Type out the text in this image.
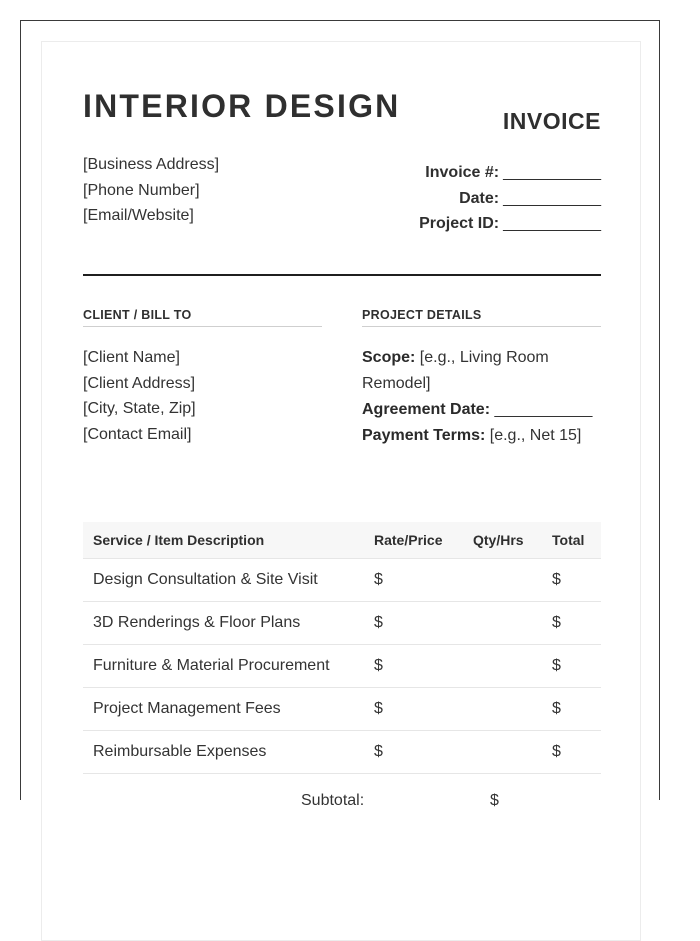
INTERIOR DESIGN	INVOICE
[Business Address]
[Phone Number]
[Email/Website]
Invoice #: ___________
Date: ___________
Project ID: ___________
CLIENT / BILL TO	PROJECT DETAILS
[Client Name]
[Client Address]
[City, State, Zip]
[Contact Email]
Scope: [e.g., Living Room Remodel]
Agreement Date: ___________
Payment Terms: [e.g., Net 15]
Service / Item Description	Rate/Price	Qty/Hrs	Total
Design Consultation & Site Visit	$		$
3D Renderings & Floor Plans	$		$
Furniture & Material Procurement	$		$
Project Management Fees	$		$
Reimbursable Expenses	$		$
Subtotal:	$
